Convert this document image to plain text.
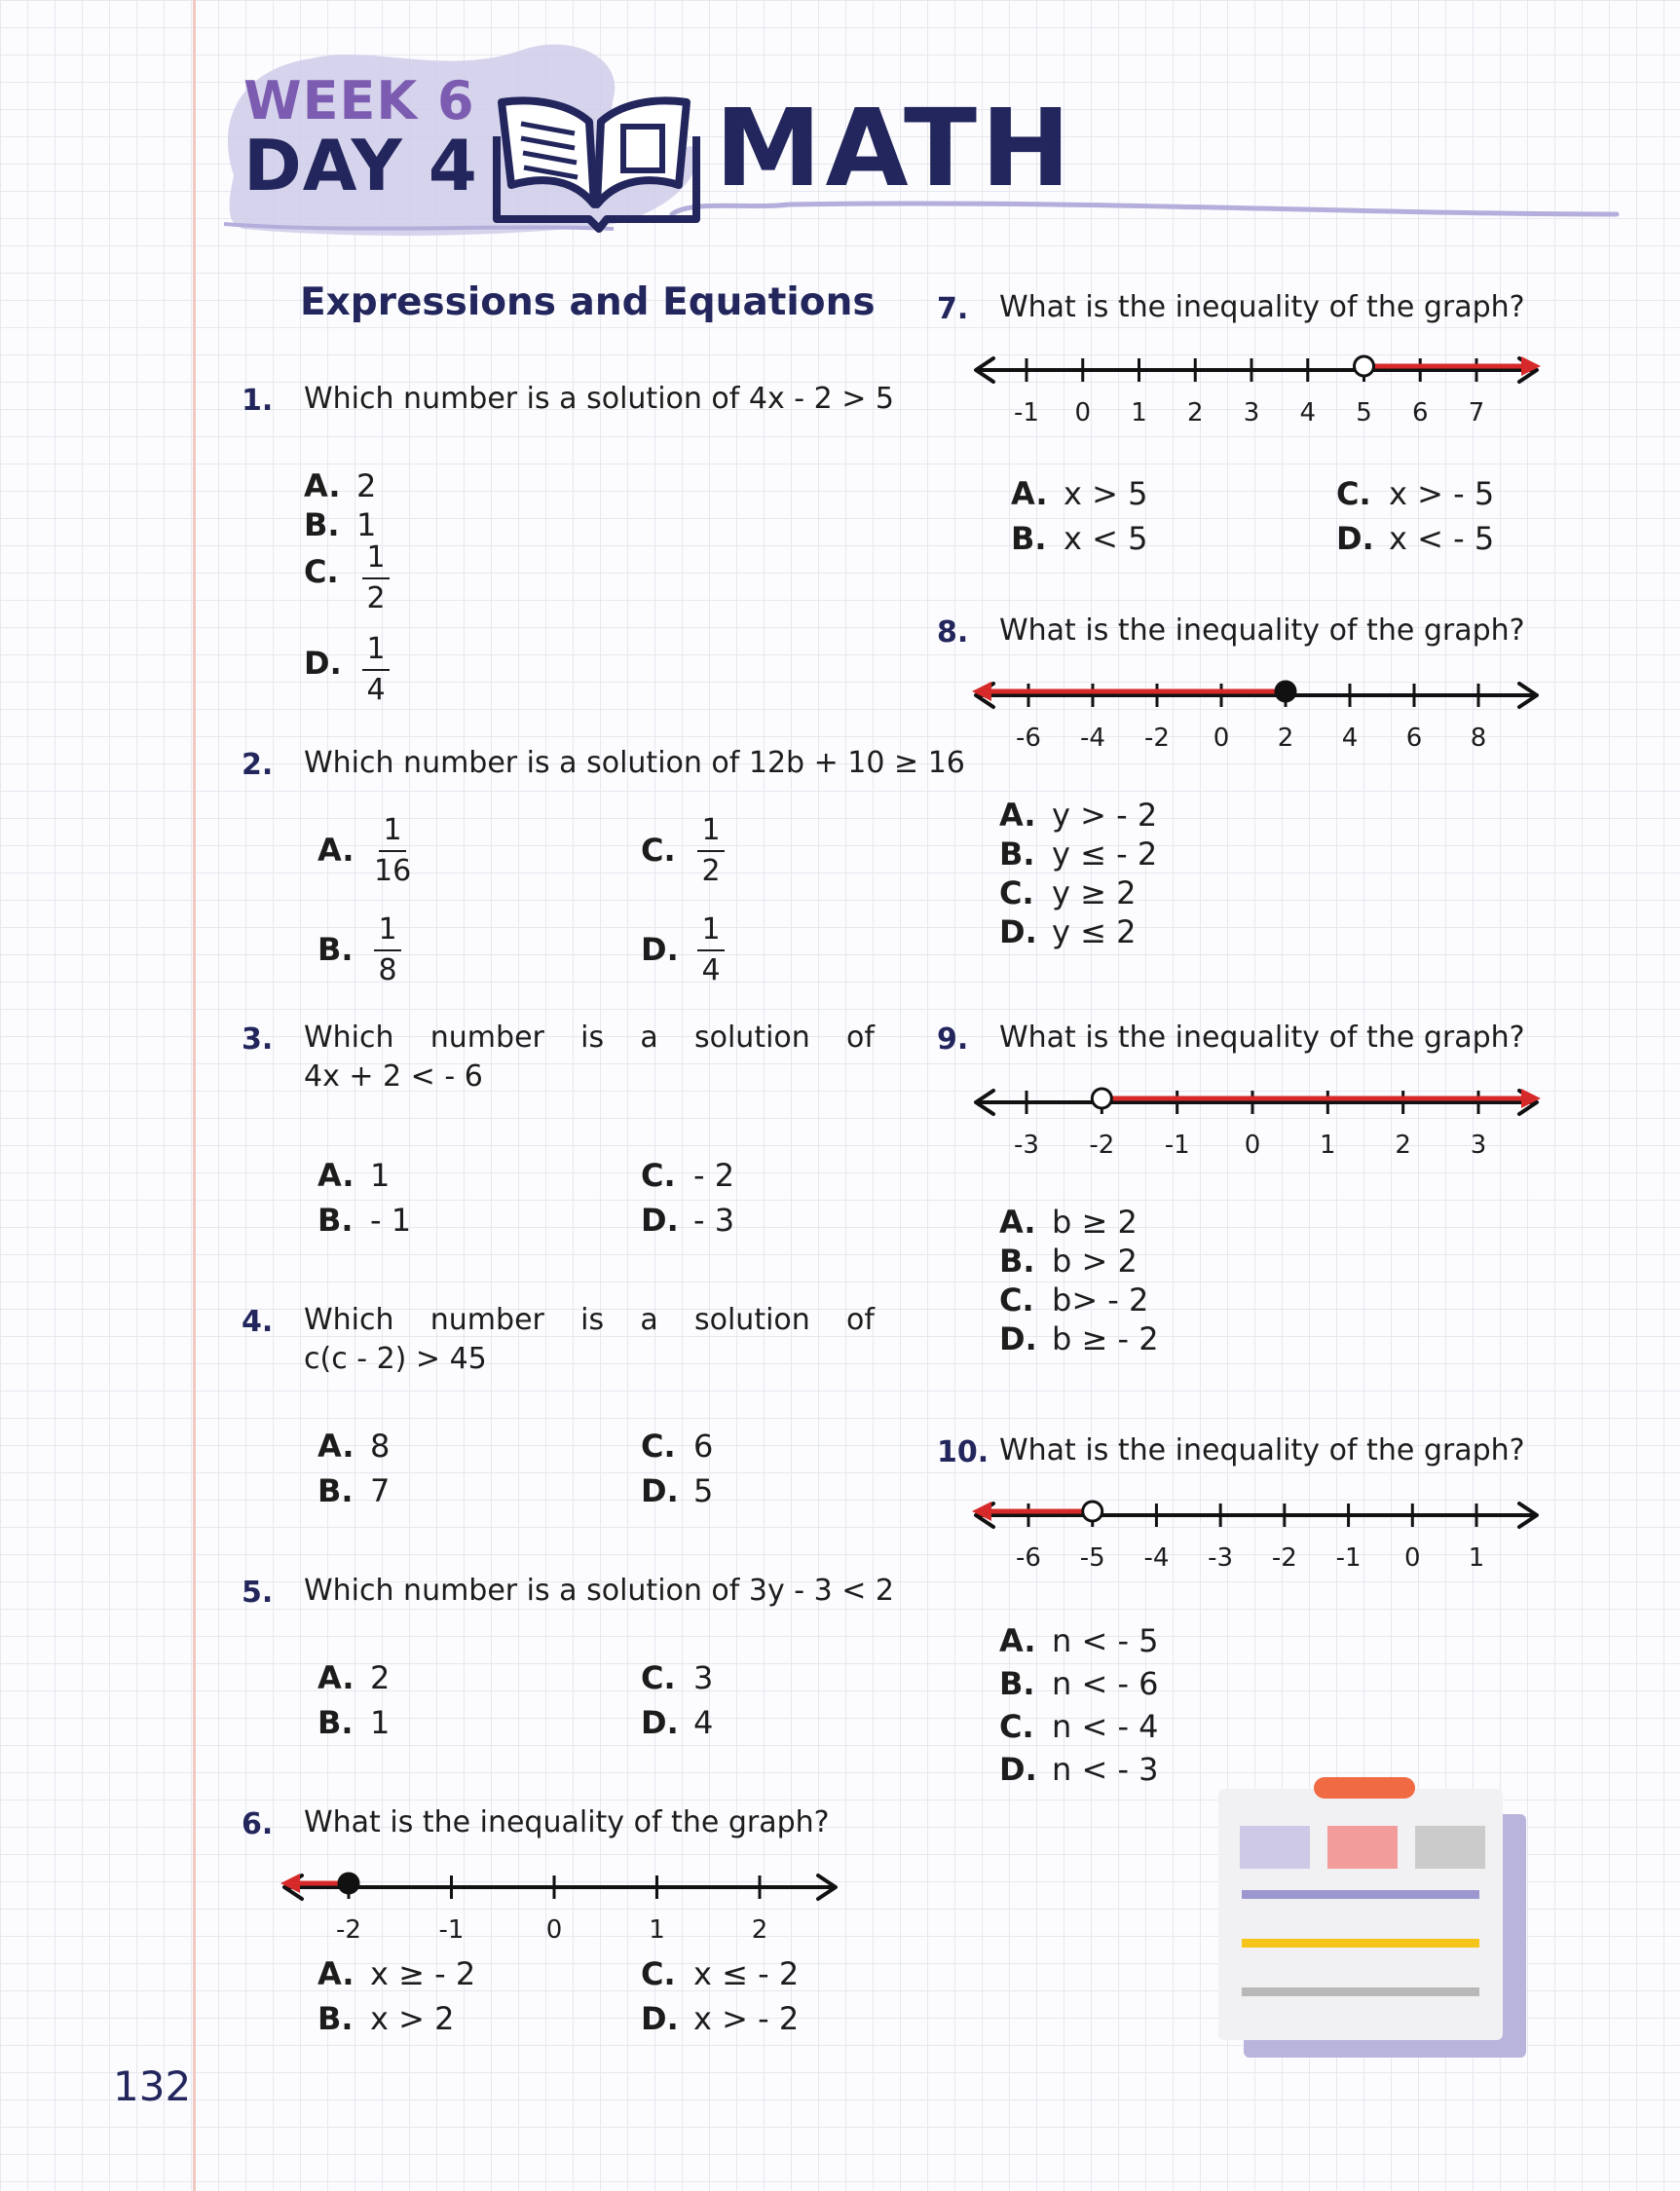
WEEK 6
DAY 4 MATH
Expressions and Equations
1. Which number is a solution of 4x - 2 > 5
A. 2
B. 1
C. 1
2
D. 1
4
2. Which number is a solution of 12b + 10 ≥ 16
A.
1
16
B.
1
8
C.
1
2
D.
1
4
3. Which number is a solution of
4x + 2 < - 6
A. 1
B. - 1
C. - 2
D. - 3
4. Which number is a solution of
c(c - 2) > 45
A. 8
B. 7
C. 6
D. 5
5. Which number is a solution of 3y - 3 < 2
A. 2
B. 1
C. 3
D. 4
6. What is the inequality of the graph?
-2	-1	0	1	2
A. x ≥ - 2
B. x > 2
C. x ≤ - 2
D. x > - 2
7. What is the inequality of the graph?
-1 0 1 2 3 4 5 6 7
A. x > 5
B. x < 5
C. x > - 5
D. x < - 5
8. What is the inequality of the graph?
-6 -4 -2 0 2 4 6 8
A. y > - 2
B. y ≤ - 2
C. y ≥ 2
D. y ≤ 2
9. What is the inequality of the graph?
-3 -2 -1 0 1 2 3
A. b ≥ 2
B. b > 2
C. b> - 2
D. b ≥ - 2
10. What is the inequality of the graph?
-6 -5 -4 -3 -2 -1 0 1
A. n < - 5
B. n < - 6
C. n < - 4
D. n < - 3
132
